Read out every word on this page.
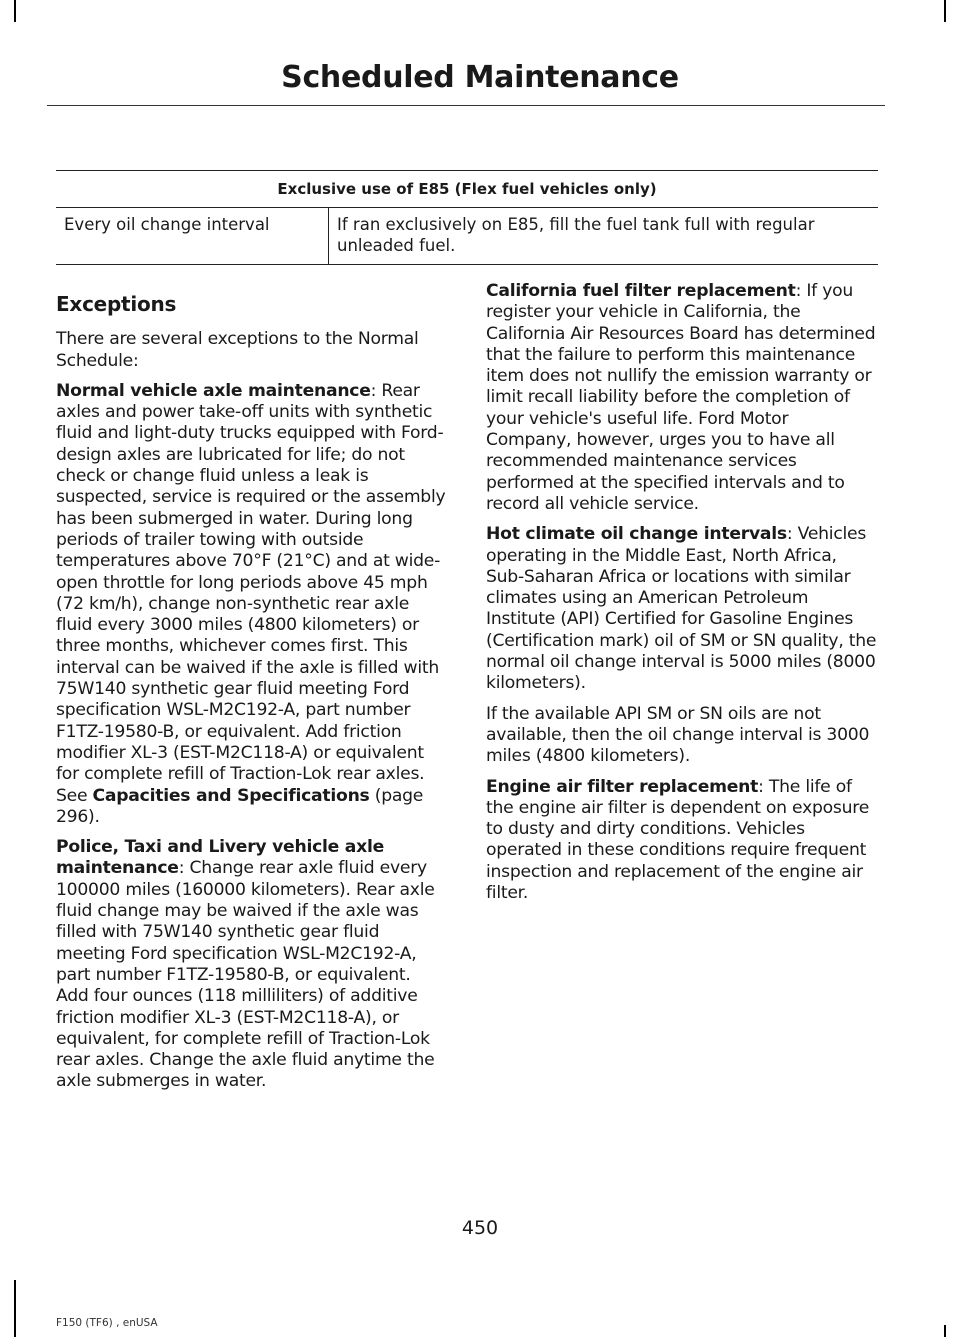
Scheduled Maintenance
Exclusive use of E85 (Flex fuel vehicles only)
Every oil change interval	If ran exclusively on E85, fill the fuel tank full with regular unleaded fuel.

Exceptions

There are several exceptions to the Normal Schedule:

Normal vehicle axle maintenance: Rear axles and power take-off units with synthetic fluid and light-duty trucks equipped with Ford-design axles are lubricated for life; do not check or change fluid unless a leak is suspected, service is required or the assembly has been submerged in water. During long periods of trailer towing with outside temperatures above 70°F (21°C) and at wide-open throttle for long periods above 45 mph (72 km/h), change non-synthetic rear axle fluid every 3000 miles (4800 kilometers) or three months, whichever comes first. This interval can be waived if the axle is filled with 75W140 synthetic gear fluid meeting Ford specification WSL-M2C192-A, part number F1TZ-19580-B, or equivalent. Add friction modifier XL-3 (EST-M2C118-A) or equivalent for complete refill of Traction-Lok rear axles. See Capacities and Specifications (page 296).

Police, Taxi and Livery vehicle axle maintenance: Change rear axle fluid every 100000 miles (160000 kilometers). Rear axle fluid change may be waived if the axle was filled with 75W140 synthetic gear fluid meeting Ford specification WSL-M2C192-A, part number F1TZ-19580-B, or equivalent. Add four ounces (118 milliliters) of additive friction modifier XL-3 (EST-M2C118-A), or equivalent, for complete refill of Traction-Lok rear axles. Change the axle fluid anytime the axle submerges in water.

California fuel filter replacement: If you register your vehicle in California, the California Air Resources Board has determined that the failure to perform this maintenance item does not nullify the emission warranty or limit recall liability before the completion of your vehicle's useful life. Ford Motor Company, however, urges you to have all recommended maintenance services performed at the specified intervals and to record all vehicle service.

Hot climate oil change intervals: Vehicles operating in the Middle East, North Africa, Sub-Saharan Africa or locations with similar climates using an American Petroleum Institute (API) Certified for Gasoline Engines (Certification mark) oil of SM or SN quality, the normal oil change interval is 5000 miles (8000 kilometers).

If the available API SM or SN oils are not available, then the oil change interval is 3000 miles (4800 kilometers).

Engine air filter replacement: The life of the engine air filter is dependent on exposure to dusty and dirty conditions. Vehicles operated in these conditions require frequent inspection and replacement of the engine air filter.

450
F150 (TF6) , enUSA
